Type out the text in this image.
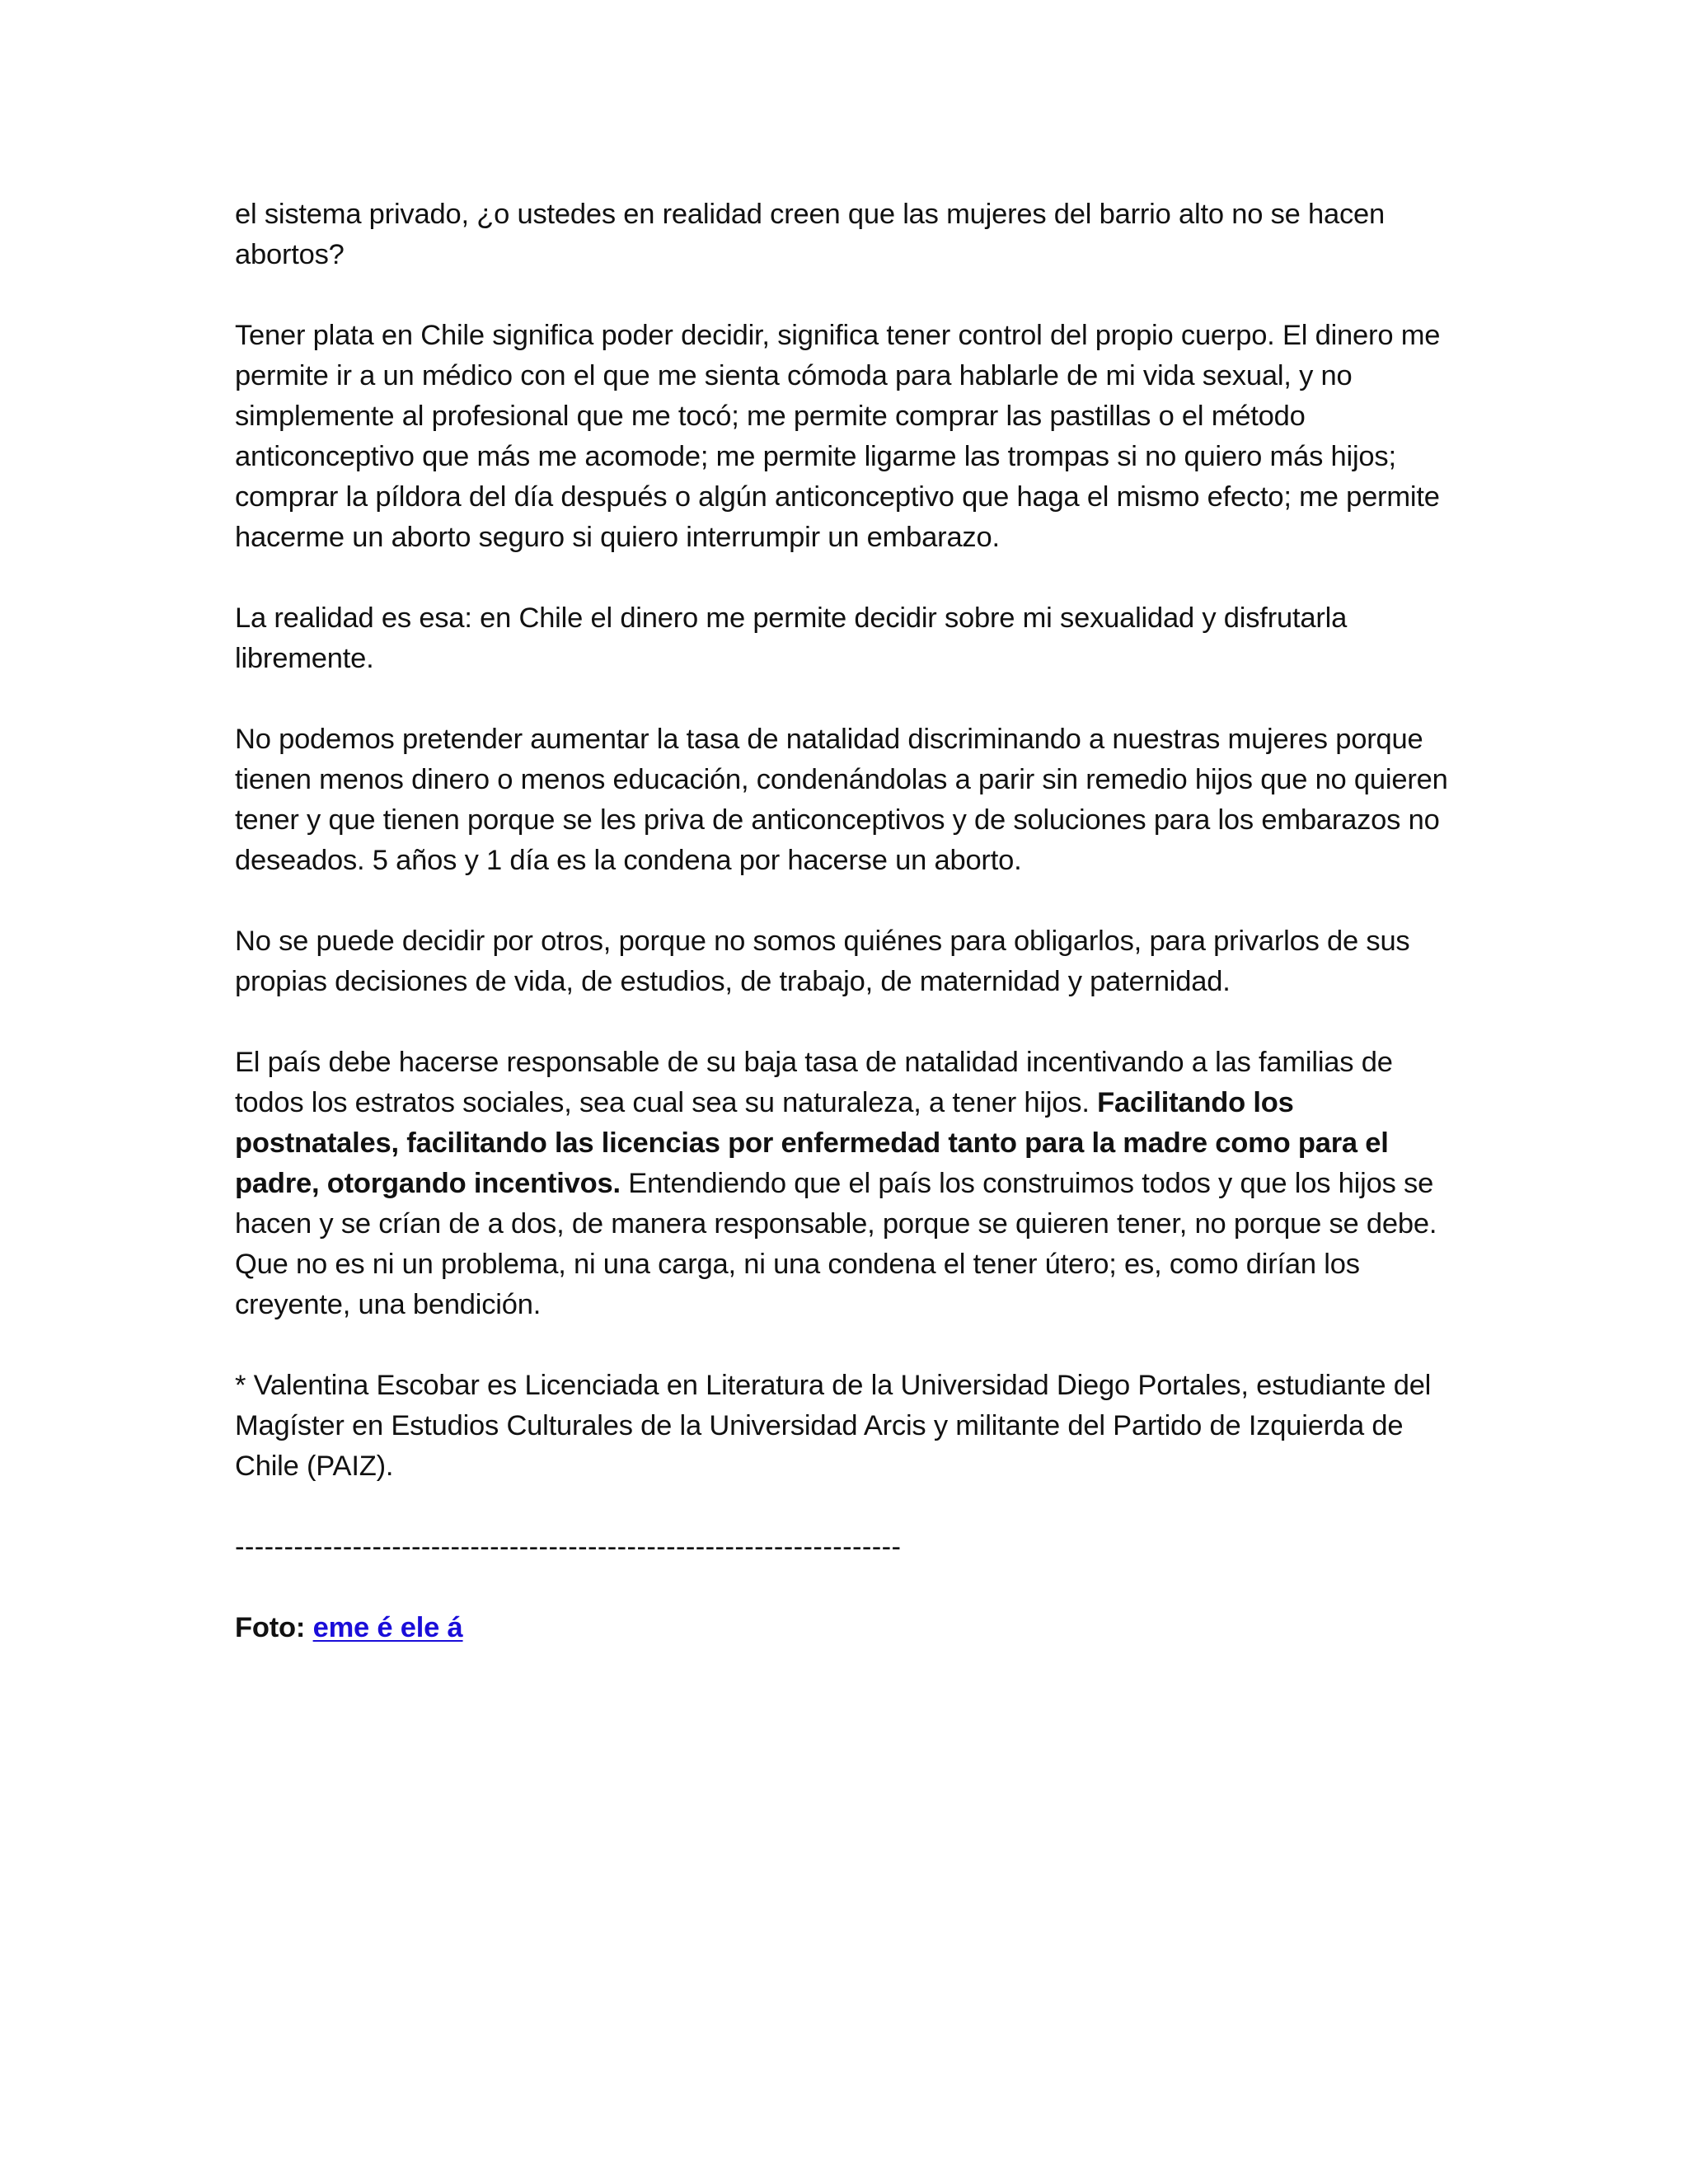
el sistema privado, ¿o ustedes en realidad creen que las mujeres del barrio alto no se hacen abortos?

Tener plata en Chile significa poder decidir, significa tener control del propio cuerpo. El dinero me permite ir a un médico con el que me sienta cómoda para hablarle de mi vida sexual, y no simplemente al profesional que me tocó; me permite comprar las pastillas o el método anticonceptivo que más me acomode; me permite ligarme las trompas si no quiero más hijos; comprar la píldora del día después o algún anticonceptivo que haga el mismo efecto; me permite hacerme un aborto seguro si quiero interrumpir un embarazo.

La realidad es esa: en Chile el dinero me permite decidir sobre mi sexualidad y disfrutarla libremente.

No podemos pretender aumentar la tasa de natalidad discriminando a nuestras mujeres porque tienen menos dinero o menos educación, condenándolas a parir sin remedio hijos que no quieren tener y que tienen porque se les priva de anticonceptivos y de soluciones para los embarazos no deseados. 5 años y 1 día es la condena por hacerse un aborto.

No se puede decidir por otros, porque no somos quiénes para obligarlos, para privarlos de sus propias decisiones de vida, de estudios, de trabajo, de maternidad y paternidad.

El país debe hacerse responsable de su baja tasa de natalidad incentivando a las familias de todos los estratos sociales, sea cual sea su naturaleza, a tener hijos. Facilitando los postnatales, facilitando las licencias por enfermedad tanto para la madre como para el padre, otorgando incentivos. Entendiendo que el país los construimos todos y que los hijos se hacen y se crían de a dos, de manera responsable, porque se quieren tener, no porque se debe. Que no es ni un problema, ni una carga, ni una condena el tener útero; es, como dirían los creyente, una bendición.

* Valentina Escobar es Licenciada en Literatura de la Universidad Diego Portales, estudiante del Magíster en Estudios Culturales de la Universidad Arcis y militante del Partido de Izquierda de Chile (PAIZ).

--------------------------------------------------------------------

Foto: eme é ele á
